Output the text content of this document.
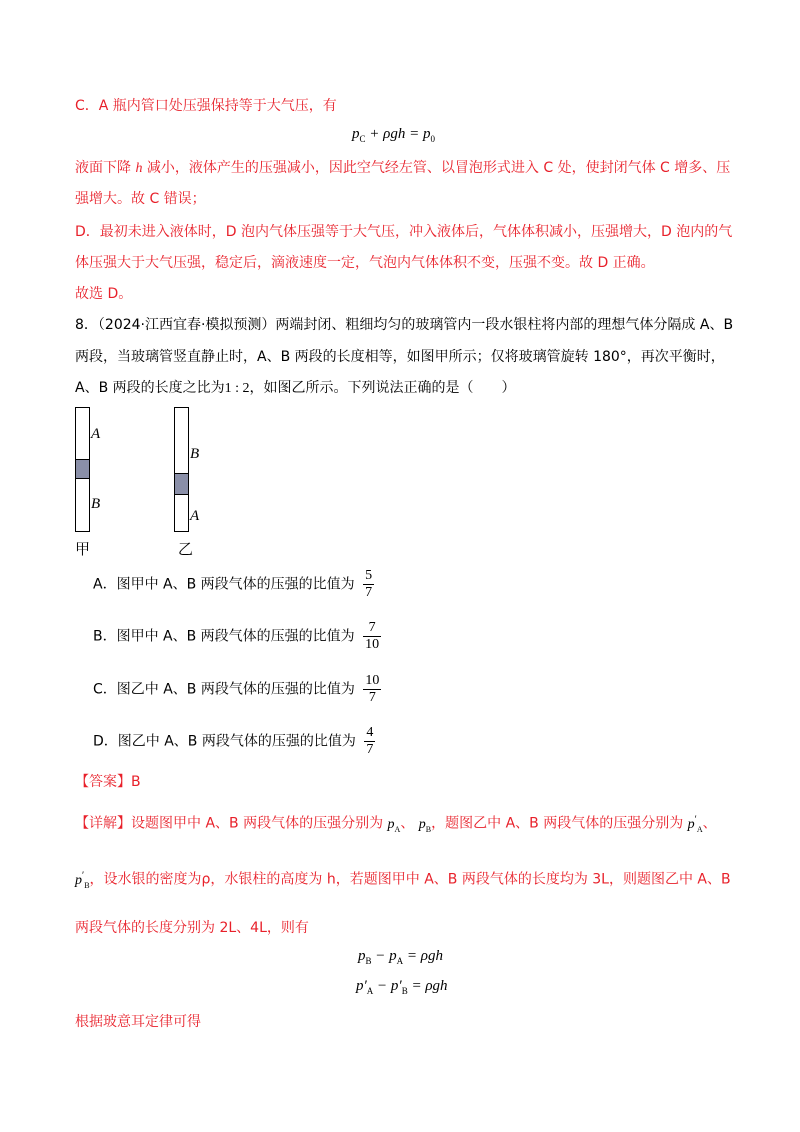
C．A 瓶内管口处压强保持等于大气压，有
$p_C + \rho gh = p_0$
液面下降 h 减小，液体产生的压强减小，因此空气经左管、以冒泡形式进入 C 处，使封闭气体 C 增多、压
强增大。故 C 错误；
D．最初未进入液体时，D 泡内气体压强等于大气压，冲入液体后，气体体积减小，压强增大，D 泡内的气
体压强大于大气压强，稳定后，滴液速度一定，气泡内气体体积不变，压强不变。故 D 正确。
故选 D。
8．（2024·江西宜春·模拟预测）两端封闭、粗细均匀的玻璃管内一段水银柱将内部的理想气体分隔成 A、B
两段，当玻璃管竖直静止时，A、B 两段的长度相等，如图甲所示；仅将玻璃管旋转 180°，再次平衡时，
A、B 两段的长度之比为1 : 2，如图乙所示。下列说法正确的是（　　）
A
B
甲
B
A
乙
A．图甲中 A、B 两段气体的压强的比值为 $\frac{5}{7}$
B．图甲中 A、B 两段气体的压强的比值为 $\frac{7}{10}$
C．图乙中 A、B 两段气体的压强的比值为 $\frac{10}{7}$
D．图乙中 A、B 两段气体的压强的比值为 $\frac{4}{7}$
【答案】B
【详解】设题图甲中 A、B 两段气体的压强分别为 $p_A$、 $p_B$，题图乙中 A、B 两段气体的压强分别为 $p'_A$、
$p'_B$，设水银的密度为ρ，水银柱的高度为 h，若题图甲中 A、B 两段气体的长度均为 3L，则题图乙中 A、B
两段气体的长度分别为 2L、4L，则有
$p_B - p_A = \rho gh$
$p'_A - p'_B = \rho gh$
根据玻意耳定律可得
